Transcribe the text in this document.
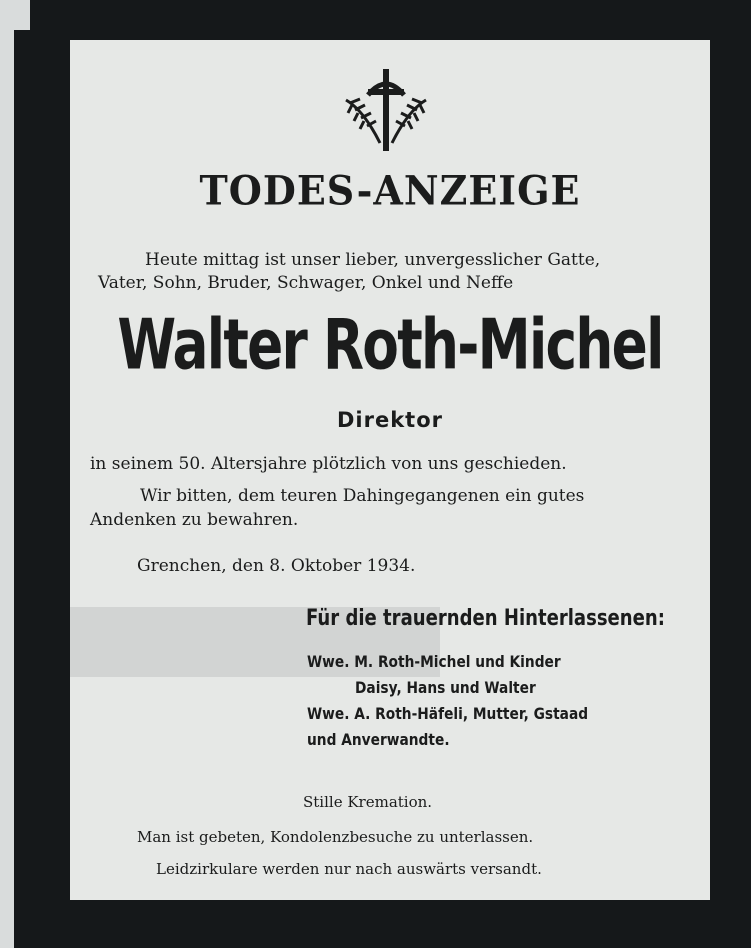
TODES-ANZEIGE
Heute mittag ist unser lieber, unvergesslicher Gatte,
Vater, Sohn, Bruder, Schwager, Onkel und Neffe
Walter Roth-Michel
Direktor
in seinem 50. Altersjahre plötzlich von uns geschieden.
Wir bitten, dem teuren Dahingegangenen ein gutes
Andenken zu bewahren.
Grenchen, den 8. Oktober 1934.
Für die trauernden Hinterlassenen:
Wwe. M. Roth-Michel und Kinder
Daisy, Hans und Walter
Wwe. A. Roth-Häfeli, Mutter, Gstaad
und Anverwandte.
Stille Kremation.
Man ist gebeten, Kondolenzbesuche zu unterlassen.
Leidzirkulare werden nur nach auswärts versandt.
